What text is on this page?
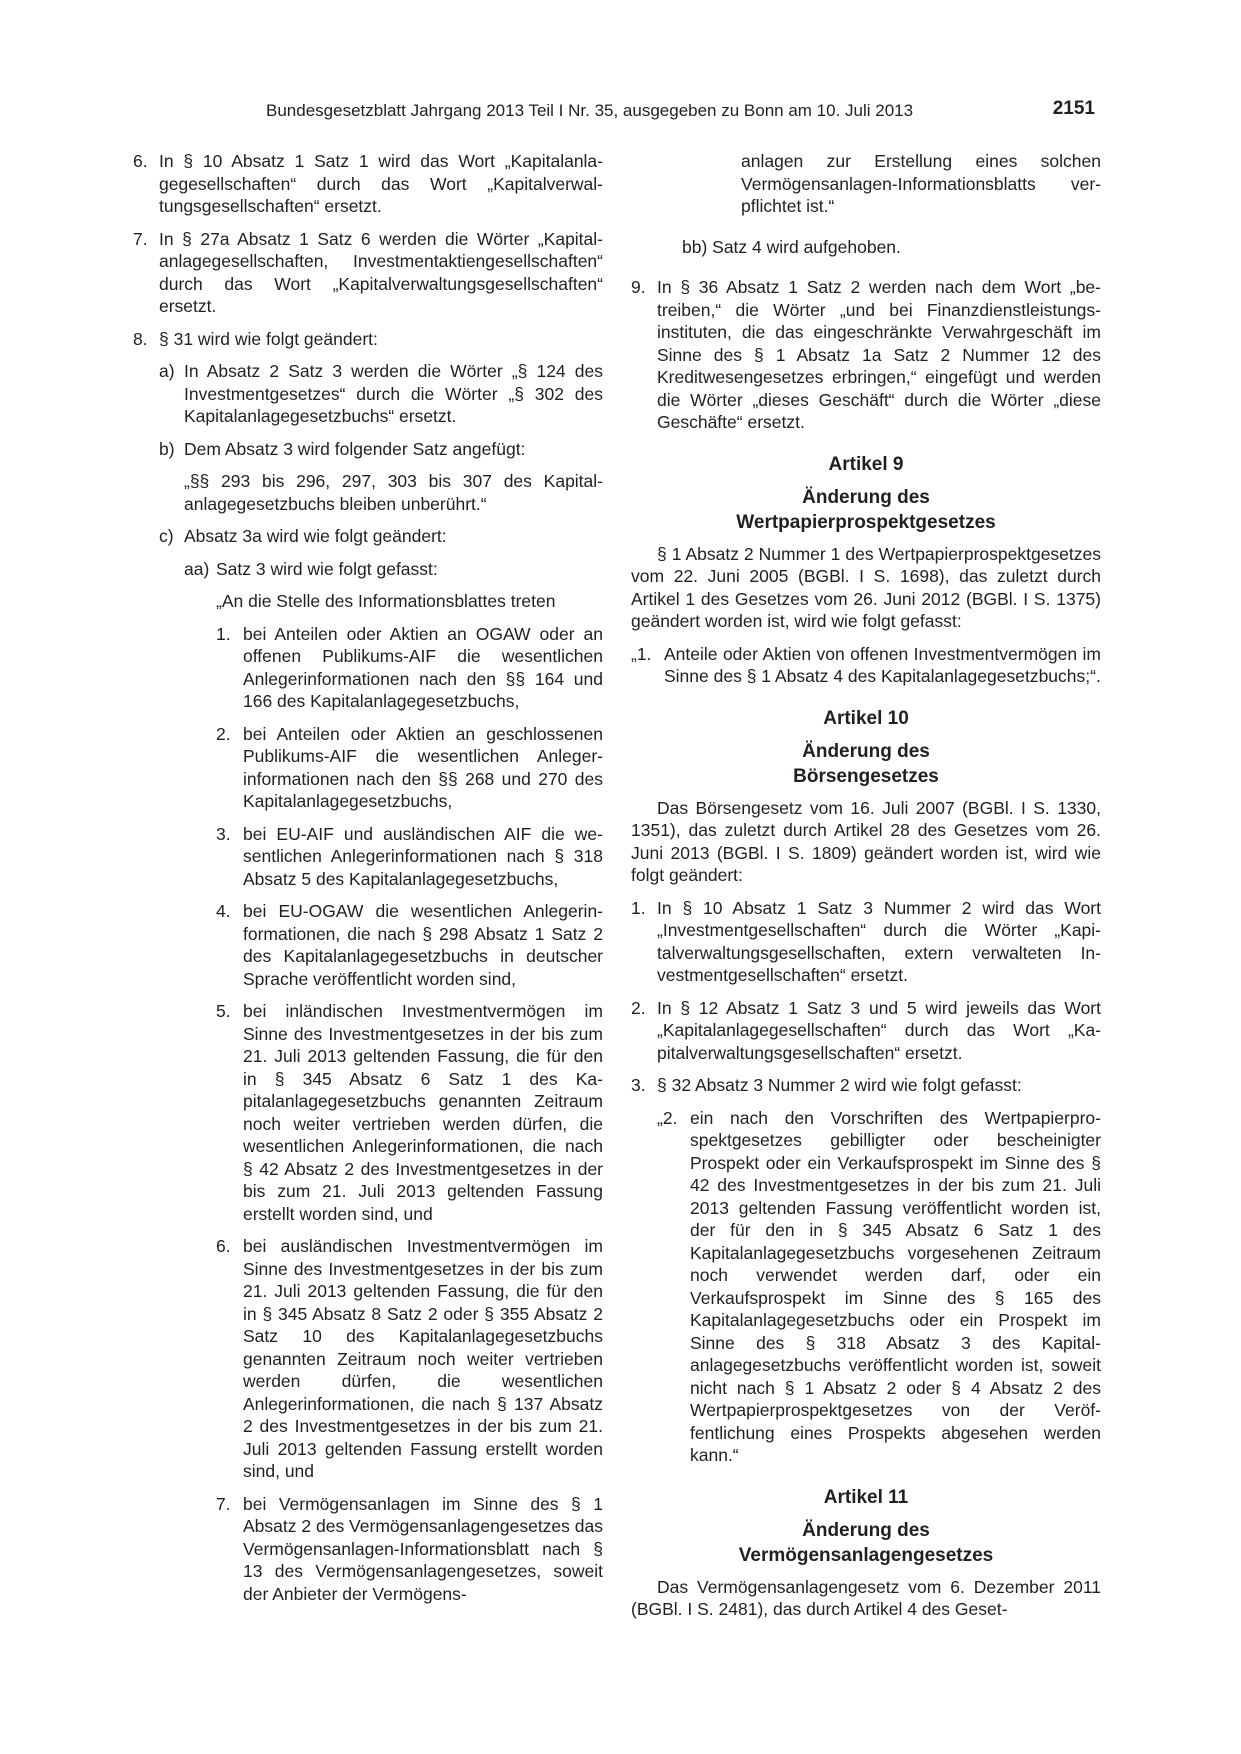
Bundesgesetzblatt Jahrgang 2013 Teil I Nr. 35, ausgegeben zu Bonn am 10. Juli 2013	2151
6. In § 10 Absatz 1 Satz 1 wird das Wort „Kapitalanlagegesellschaften“ durch das Wort „Kapitalverwaltungsgesellschaften“ ersetzt.

7. In § 27a Absatz 1 Satz 6 werden die Wörter „Kapitalanlagegesellschaften, Investmentaktiengesellschaften“ durch das Wort „Kapitalverwaltungsgesellschaften“ ersetzt.

8. § 31 wird wie folgt geändert:

a) In Absatz 2 Satz 3 werden die Wörter „§ 124 des Investmentgesetzes“ durch die Wörter „§ 302 des Kapitalanlagegesetzbuchs“ ersetzt.

b) Dem Absatz 3 wird folgender Satz angefügt:

„§§ 293 bis 296, 297, 303 bis 307 des Kapitalanlagegesetzbuchs bleiben unberührt.“

c) Absatz 3a wird wie folgt geändert:

aa) Satz 3 wird wie folgt gefasst:

„An die Stelle des Informationsblattes treten

1. bei Anteilen oder Aktien an OGAW oder an offenen Publikums-AIF die wesentlichen Anlegerinformationen nach den §§ 164 und 166 des Kapitalanlagegesetzbuchs,

2. bei Anteilen oder Aktien an geschlossenen Publikums-AIF die wesentlichen Anlegerinformationen nach den §§ 268 und 270 des Kapitalanlagegesetzbuchs,

3. bei EU-AIF und ausländischen AIF die wesentlichen Anlegerinformationen nach § 318 Absatz 5 des Kapitalanlagegesetzbuchs,

4. bei EU-OGAW die wesentlichen Anlegerinformationen, die nach § 298 Absatz 1 Satz 2 des Kapitalanlagegesetzbuchs in deutscher Sprache veröffentlicht worden sind,

5. bei inländischen Investmentvermögen im Sinne des Investmentgesetzes in der bis zum 21. Juli 2013 geltenden Fassung, die für den in § 345 Absatz 6 Satz 1 des Kapitalanlagegesetzbuchs genannten Zeitraum noch weiter vertrieben werden dürfen, die wesentlichen Anlegerinformationen, die nach § 42 Absatz 2 des Investmentgesetzes in der bis zum 21. Juli 2013 geltenden Fassung erstellt worden sind, und

6. bei ausländischen Investmentvermögen im Sinne des Investmentgesetzes in der bis zum 21. Juli 2013 geltenden Fassung, die für den in § 345 Absatz 8 Satz 2 oder § 355 Absatz 2 Satz 10 des Kapitalanlagegesetzbuchs genannten Zeitraum noch weiter vertrieben werden dürfen, die wesentlichen Anlegerinformationen, die nach § 137 Absatz 2 des Investmentgesetzes in der bis zum 21. Juli 2013 geltenden Fassung erstellt worden sind, und

7. bei Vermögensanlagen im Sinne des § 1 Absatz 2 des Vermögensanlagengesetzes das Vermögensanlagen-Informationsblatt nach § 13 des Vermögensanlagengesetzes, soweit der Anbieter der Vermögens-

anlagen zur Erstellung eines solchen Vermögensanlagen-Informationsblatts verpflichtet ist.“

bb) Satz 4 wird aufgehoben.

9. In § 36 Absatz 1 Satz 2 werden nach dem Wort „betreiben,“ die Wörter „und bei Finanzdienstleistungsinstituten, die das eingeschränkte Verwahrgeschäft im Sinne des § 1 Absatz 1a Satz 2 Nummer 12 des Kreditwesengesetzes erbringen,“ eingefügt und werden die Wörter „dieses Geschäft“ durch die Wörter „diese Geschäfte“ ersetzt.

Artikel 9
Änderung des
Wertpapierprospektgesetzes

§ 1 Absatz 2 Nummer 1 des Wertpapierprospektgesetzes vom 22. Juni 2005 (BGBl. I S. 1698), das zuletzt durch Artikel 1 des Gesetzes vom 26. Juni 2012 (BGBl. I S. 1375) geändert worden ist, wird wie folgt gefasst:

„1. Anteile oder Aktien von offenen Investmentvermögen im Sinne des § 1 Absatz 4 des Kapitalanlagegesetzbuchs;“.

Artikel 10
Änderung des
Börsengesetzes

Das Börsengesetz vom 16. Juli 2007 (BGBl. I S. 1330, 1351), das zuletzt durch Artikel 28 des Gesetzes vom 26. Juni 2013 (BGBl. I S. 1809) geändert worden ist, wird wie folgt geändert:

1. In § 10 Absatz 1 Satz 3 Nummer 2 wird das Wort „Investmentgesellschaften“ durch die Wörter „Kapitalverwaltungsgesellschaften, extern verwalteten Investmentgesellschaften“ ersetzt.

2. In § 12 Absatz 1 Satz 3 und 5 wird jeweils das Wort „Kapitalanlagegesellschaften“ durch das Wort „Kapitalverwaltungsgesellschaften“ ersetzt.

3. § 32 Absatz 3 Nummer 2 wird wie folgt gefasst:

„2. ein nach den Vorschriften des Wertpapierprospektgesetzes gebilligter oder bescheinigter Prospekt oder ein Verkaufsprospekt im Sinne des § 42 des Investmentgesetzes in der bis zum 21. Juli 2013 geltenden Fassung veröffentlicht worden ist, der für den in § 345 Absatz 6 Satz 1 des Kapitalanlagegesetzbuchs vorgesehenen Zeitraum noch verwendet werden darf, oder ein Verkaufsprospekt im Sinne des § 165 des Kapitalanlagegesetzbuchs oder ein Prospekt im Sinne des § 318 Absatz 3 des Kapitalanlagegesetzbuchs veröffentlicht worden ist, soweit nicht nach § 1 Absatz 2 oder § 4 Absatz 2 des Wertpapierprospektgesetzes von der Veröffentlichung eines Prospekts abgesehen werden kann.“

Artikel 11
Änderung des
Vermögensanlagengesetzes

Das Vermögensanlagengesetz vom 6. Dezember 2011 (BGBl. I S. 2481), das durch Artikel 4 des Geset-
